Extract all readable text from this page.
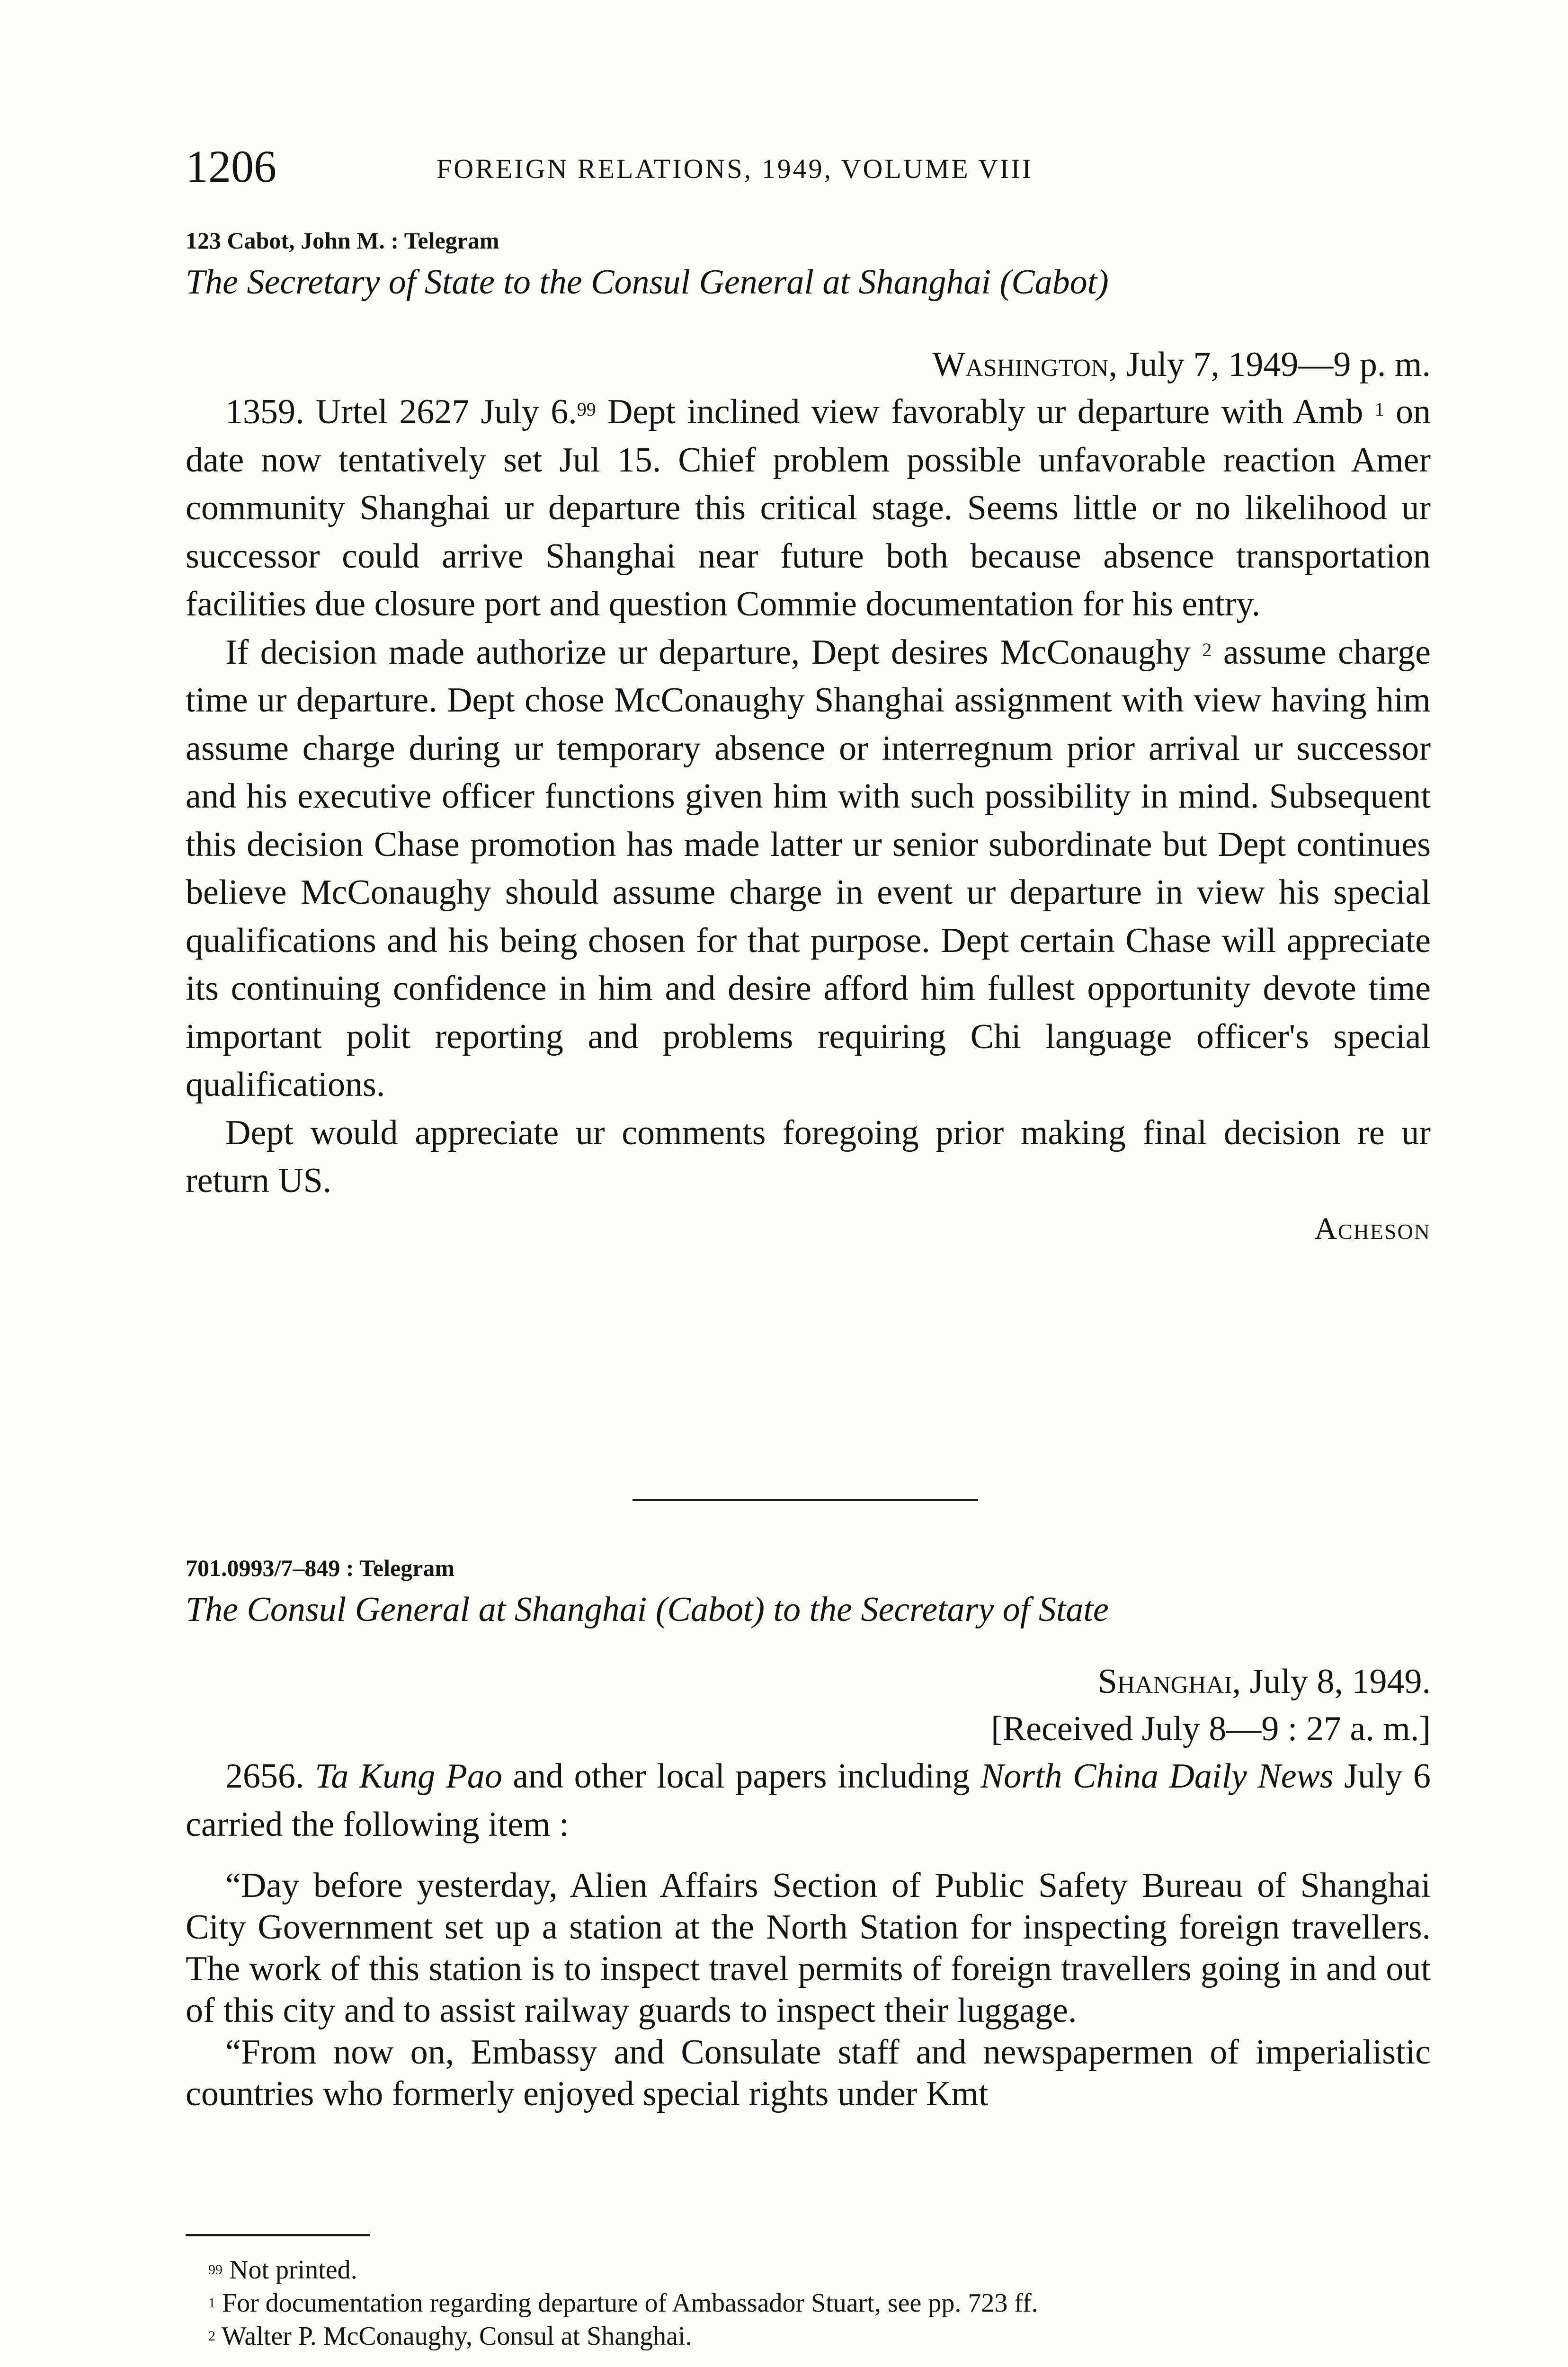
1206	FOREIGN RELATIONS, 1949, VOLUME VIII

123 Cabot, John M. : Telegram

The Secretary of State to the Consul General at Shanghai (Cabot)

Washington, July 7, 1949—9 p. m.

1359. Urtel 2627 July 6.99 Dept inclined view favorably ur departure with Amb $^1$ on date now tentatively set Jul 15. Chief problem possible unfavorable reaction Amer community Shanghai ur departure this critical stage. Seems little or no likelihood ur successor could arrive Shanghai near future both because absence transportation facilities due closure port and question Commie documentation for his entry.

If decision made authorize ur departure, Dept desires McConaughy $^2$ assume charge time ur departure. Dept chose McConaughy Shanghai assignment with view having him assume charge during ur temporary absence or interregnum prior arrival ur successor and his executive officer functions given him with such possibility in mind. Subsequent this decision Chase promotion has made latter ur senior subordinate but Dept continues believe McConaughy should assume charge in event ur departure in view his special qualifications and his being chosen for that purpose. Dept certain Chase will appreciate its continuing confidence in him and desire afford him fullest opportunity devote time important polit reporting and problems requiring Chi language officer's special qualifications.

Dept would appreciate ur comments foregoing prior making final decision re ur return US.

Acheson

701.0993/7–849 : Telegram

The Consul General at Shanghai (Cabot) to the Secretary of State

Shanghai, July 8, 1949.

[Received July 8—9 : 27 a. m.]

2656. Ta Kung Pao and other local papers including North China Daily News July 6 carried the following item :

“Day before yesterday, Alien Affairs Section of Public Safety Bureau of Shanghai City Government set up a station at the North Station for inspecting foreign travellers. The work of this station is to inspect travel permits of foreign travellers going in and out of this city and to assist railway guards to inspect their luggage.

“From now on, Embassy and Consulate staff and newspapermen of imperialistic countries who formerly enjoyed special rights under Kmt

$^{99}$ Not printed.

$^1$ For documentation regarding departure of Ambassador Stuart, see pp. 723 ff.

$^2$ Walter P. McConaughy, Consul at Shanghai.
